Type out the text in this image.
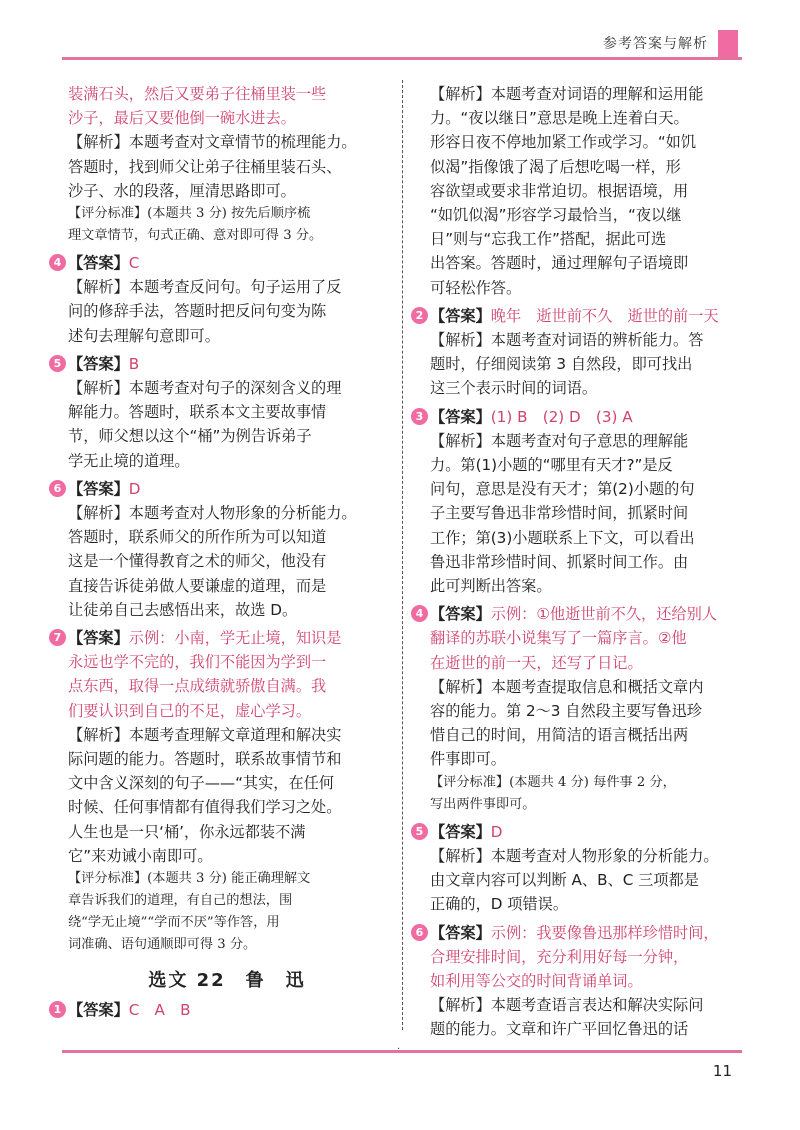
参考答案与解析
装满石头，然后又要弟子往桶里装一些
沙子，最后又要他倒一碗水进去。
【解析】本题考查对文章情节的梳理能力。
答题时，找到师父让弟子往桶里装石头、
沙子、水的段落，厘清思路即可。
【评分标准】(本题共 3 分) 按先后顺序梳
理文章情节，句式正确、意对即可得 3 分。
4 【答案】C
【解析】本题考查反问句。句子运用了反
问的修辞手法，答题时把反问句变为陈
述句去理解句意即可。
5 【答案】B
【解析】本题考查对句子的深刻含义的理
解能力。答题时，联系本文主要故事情
节，师父想以这个“桶”为例告诉弟子
学无止境的道理。
6 【答案】D
【解析】本题考查对人物形象的分析能力。
答题时，联系师父的所作所为可以知道
这是一个懂得教育之术的师父，他没有
直接告诉徒弟做人要谦虚的道理，而是
让徒弟自己去感悟出来，故选 D。
7 【答案】示例：小南，学无止境，知识是
永远也学不完的，我们不能因为学到一
点东西，取得一点成绩就骄傲自满。我
们要认识到自己的不足，虚心学习。
【解析】本题考查理解文章道理和解决实
际问题的能力。答题时，联系故事情节和
文中含义深刻的句子——“其实，在任何
时候、任何事情都有值得我们学习之处。
人生也是一只‘桶’，你永远都装不满
它”来劝诫小南即可。
【评分标准】(本题共 3 分) 能正确理解文
章告诉我们的道理，有自己的想法，围
绕“学无止境”“学而不厌”等作答，用
词准确、语句通顺即可得 3 分。
选文 22　鲁　迅
1 【答案】C　A　B
【解析】本题考查对词语的理解和运用能
力。“夜以继日”意思是晚上连着白天。
形容日夜不停地加紧工作或学习。“如饥
似渴”指像饿了渴了后想吃喝一样，形
容欲望或要求非常迫切。根据语境，用
“如饥似渴”形容学习最恰当，“夜以继
日”则与“忘我工作”搭配，据此可选
出答案。答题时，通过理解句子语境即
可轻松作答。
2 【答案】晚年　逝世前不久　逝世的前一天
【解析】本题考查对词语的辨析能力。答
题时，仔细阅读第 3 自然段，即可找出
这三个表示时间的词语。
3 【答案】(1) B　(2) D　(3) A
【解析】本题考查对句子意思的理解能
力。第(1)小题的“哪里有天才?”是反
问句，意思是没有天才；第(2)小题的句
子主要写鲁迅非常珍惜时间，抓紧时间
工作；第(3)小题联系上下文，可以看出
鲁迅非常珍惜时间、抓紧时间工作。由
此可判断出答案。
4 【答案】示例：①他逝世前不久，还给别人
翻译的苏联小说集写了一篇序言。②他
在逝世的前一天，还写了日记。
【解析】本题考查提取信息和概括文章内
容的能力。第 2～3 自然段主要写鲁迅珍
惜自己的时间，用简洁的语言概括出两
件事即可。
【评分标准】(本题共 4 分) 每件事 2 分，
写出两件事即可。
5 【答案】D
【解析】本题考查对人物形象的分析能力。
由文章内容可以判断 A、B、C 三项都是
正确的，D 项错误。
6 【答案】示例：我要像鲁迅那样珍惜时间，
合理安排时间，充分利用好每一分钟，
如利用等公交的时间背诵单词。
【解析】本题考查语言表达和解决实际问
题的能力。文章和许广平回忆鲁迅的话
11
